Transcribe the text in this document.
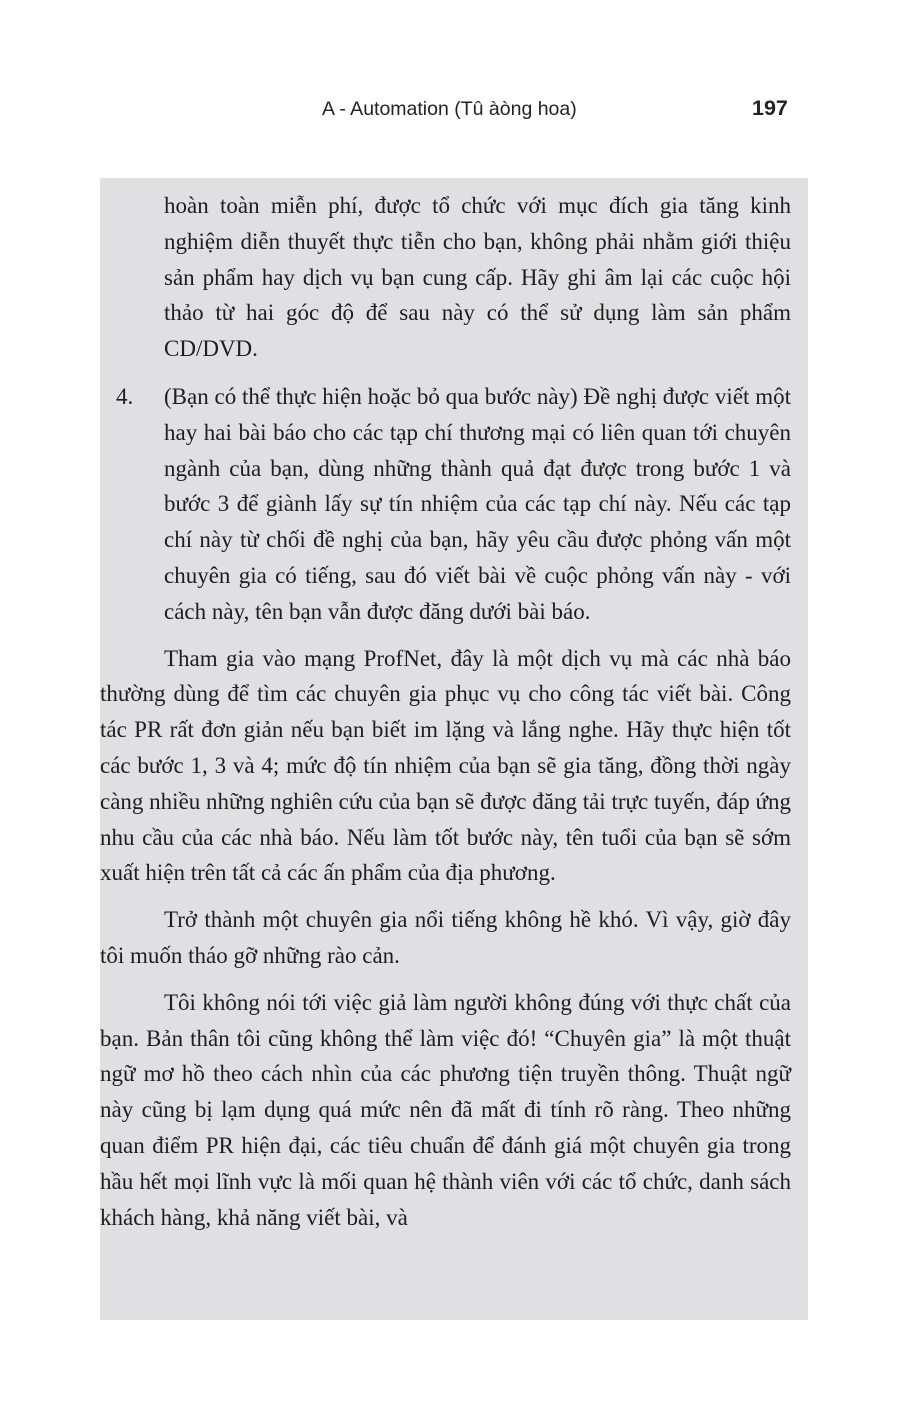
A - Automation (Tû àòng hoa)	197

hoàn toàn miễn phí, được tổ chức với mục đích gia tăng kinh nghiệm diễn thuyết thực tiễn cho bạn, không phải nhằm giới thiệu sản phẩm hay dịch vụ bạn cung cấp. Hãy ghi âm lại các cuộc hội thảo từ hai góc độ để sau này có thể sử dụng làm sản phẩm CD/DVD.

4. (Bạn có thể thực hiện hoặc bỏ qua bước này) Đề nghị được viết một hay hai bài báo cho các tạp chí thương mại có liên quan tới chuyên ngành của bạn, dùng những thành quả đạt được trong bước 1 và bước 3 để giành lấy sự tín nhiệm của các tạp chí này. Nếu các tạp chí này từ chối đề nghị của bạn, hãy yêu cầu được phỏng vấn một chuyên gia có tiếng, sau đó viết bài về cuộc phỏng vấn này - với cách này, tên bạn vẫn được đăng dưới bài báo.

Tham gia vào mạng ProfNet, đây là một dịch vụ mà các nhà báo thường dùng để tìm các chuyên gia phục vụ cho công tác viết bài. Công tác PR rất đơn giản nếu bạn biết im lặng và lắng nghe. Hãy thực hiện tốt các bước 1, 3 và 4; mức độ tín nhiệm của bạn sẽ gia tăng, đồng thời ngày càng nhiều những nghiên cứu của bạn sẽ được đăng tải trực tuyến, đáp ứng nhu cầu của các nhà báo. Nếu làm tốt bước này, tên tuổi của bạn sẽ sớm xuất hiện trên tất cả các ấn phẩm của địa phương.

Trở thành một chuyên gia nổi tiếng không hề khó. Vì vậy, giờ đây tôi muốn tháo gỡ những rào cản.

Tôi không nói tới việc giả làm người không đúng với thực chất của bạn. Bản thân tôi cũng không thể làm việc đó! “Chuyên gia” là một thuật ngữ mơ hồ theo cách nhìn của các phương tiện truyền thông. Thuật ngữ này cũng bị lạm dụng quá mức nên đã mất đi tính rõ ràng. Theo những quan điểm PR hiện đại, các tiêu chuẩn để đánh giá một chuyên gia trong hầu hết mọi lĩnh vực là mối quan hệ thành viên với các tổ chức, danh sách khách hàng, khả năng viết bài, và
